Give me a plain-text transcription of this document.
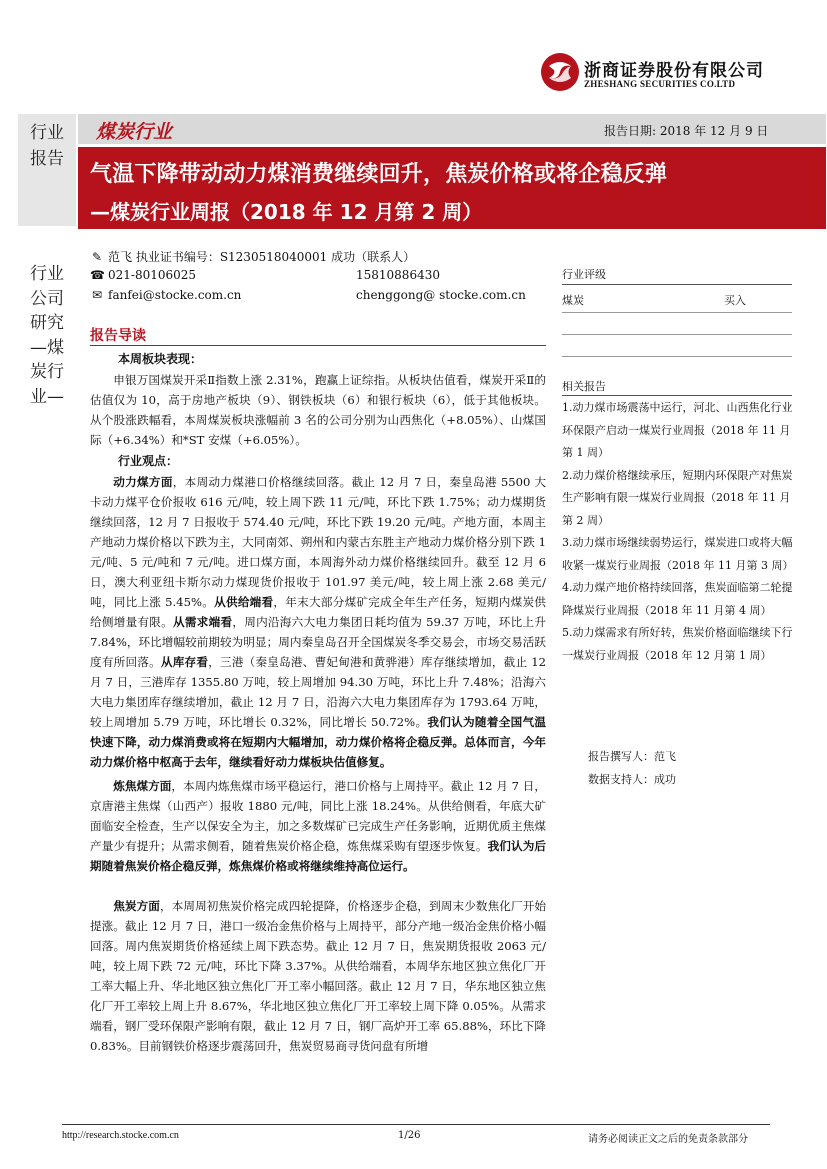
浙商证券股份有限公司
ZHESHANG SECURITIES CO.LTD
行业报告
行业公司研究—煤炭行业—
煤炭行业	报告日期: 2018 年 12 月 9 日
气温下降带动动力煤消费继续回升，焦炭价格或将企稳反弹
—煤炭行业周报（2018 年 12 月第 2 周）
✎ 范飞 执业证书编号：S1230518040001 成功（联系人）
☎ 021-80106025	15810886430
✉ fanfei@stocke.com.cn	chenggong@ stocke.com.cn
报告导读
本周板块表现：

申银万国煤炭开采Ⅱ指数上涨 2.31%，跑赢上证综指。从板块估值看，煤炭开采Ⅱ的估值仅为 10，高于房地产板块（9）、钢铁板块（6）和银行板块（6），低于其他板块。从个股涨跌幅看，本周煤炭板块涨幅前 3 名的公司分别为山西焦化（+8.05%）、山煤国际（+6.34%）和*ST 安煤（+6.05%）。

行业观点：

动力煤方面，本周动力煤港口价格继续回落。截止 12 月 7 日，秦皇岛港 5500 大卡动力煤平仓价报收 616 元/吨，较上周下跌 11 元/吨，环比下跌 1.75%；动力煤期货继续回落，12 月 7 日报收于 574.40 元/吨，环比下跌 19.20 元/吨。产地方面，本周主产地动力煤价格以下跌为主，大同南郊、朔州和内蒙古东胜主产地动力煤价格分别下跌 1 元/吨、5 元/吨和 7 元/吨。进口煤方面，本周海外动力煤价格继续回升。截至 12 月 6 日，澳大利亚纽卡斯尔动力煤现货价报收于 101.97 美元/吨，较上周上涨 2.68 美元/吨，同比上涨 5.45%。从供给端看，年末大部分煤矿完成全年生产任务，短期内煤炭供给侧增量有限。从需求端看，周内沿海六大电力集团日耗均值为 59.37 万吨，环比上升 7.84%，环比增幅较前期较为明显；周内秦皇岛召开全国煤炭冬季交易会，市场交易活跃度有所回落。从库存看，三港（秦皇岛港、曹妃甸港和黄骅港）库存继续增加，截止 12 月 7 日，三港库存 1355.80 万吨，较上周增加 94.30 万吨，环比上升 7.48%；沿海六大电力集团库存继续增加，截止 12 月 7 日，沿海六大电力集团库存为 1793.64 万吨，较上周增加 5.79 万吨，环比增长 0.32%，同比增长 50.72%。我们认为随着全国气温快速下降，动力煤消费或将在短期内大幅增加，动力煤价格将企稳反弹。总体而言，今年动力煤价格中枢高于去年，继续看好动力煤板块估值修复。

炼焦煤方面，本周内炼焦煤市场平稳运行，港口价格与上周持平。截止 12 月 7 日，京唐港主焦煤（山西产）报收 1880 元/吨，同比上涨 18.24%。从供给侧看，年底大矿面临安全检查，生产以保安全为主，加之多数煤矿已完成生产任务影响，近期优质主焦煤产量少有提升；从需求侧看，随着焦炭价格企稳，炼焦煤采购有望逐步恢复。我们认为后期随着焦炭价格企稳反弹，炼焦煤价格或将继续维持高位运行。

焦炭方面，本周周初焦炭价格完成四轮提降，价格逐步企稳，到周末少数焦化厂开始提涨。截止 12 月 7 日，港口一级冶金焦价格与上周持平，部分产地一级冶金焦价格小幅回落。周内焦炭期货价格延续上周下跌态势。截止 12 月 7 日，焦炭期货报收 2063 元/吨，较上周下跌 72 元/吨，环比下降 3.37%。从供给端看，本周华东地区独立焦化厂开工率大幅上升、华北地区独立焦化厂开工率小幅回落。截止 12 月 7 日，华东地区独立焦化厂开工率较上周上升 8.67%，华北地区独立焦化厂开工率较上周下降 0.05%。从需求端看，钢厂受环保限产影响有限，截止 12 月 7 日，钢厂高炉开工率 65.88%，环比下降 0.83%。目前钢铁价格逐步震荡回升，焦炭贸易商寻货问盘有所增

行业评级
煤炭	买入
相关报告
1.动力煤市场震荡中运行，河北、山西焦化行业环保限产启动一煤炭行业周报（2018 年 11 月第 1 周）
2.动力煤价格继续承压，短期内环保限产对焦炭生产影响有限一煤炭行业周报（2018 年 11 月第 2 周）
3.动力煤市场继续弱势运行，煤炭进口或将大幅收紧一煤炭行业周报（2018 年 11 月第 3 周）
4.动力煤产地价格持续回落，焦炭面临第二轮提降煤炭行业周报（2018 年 11 月第 4 周）
5.动力煤需求有所好转，焦炭价格面临继续下行一煤炭行业周报（2018 年 12 月第 1 周）
报告撰写人：范飞
数据支持人：成功
http://research.stocke.com.cn	1/26	请务必阅读正文之后的免责条款部分
